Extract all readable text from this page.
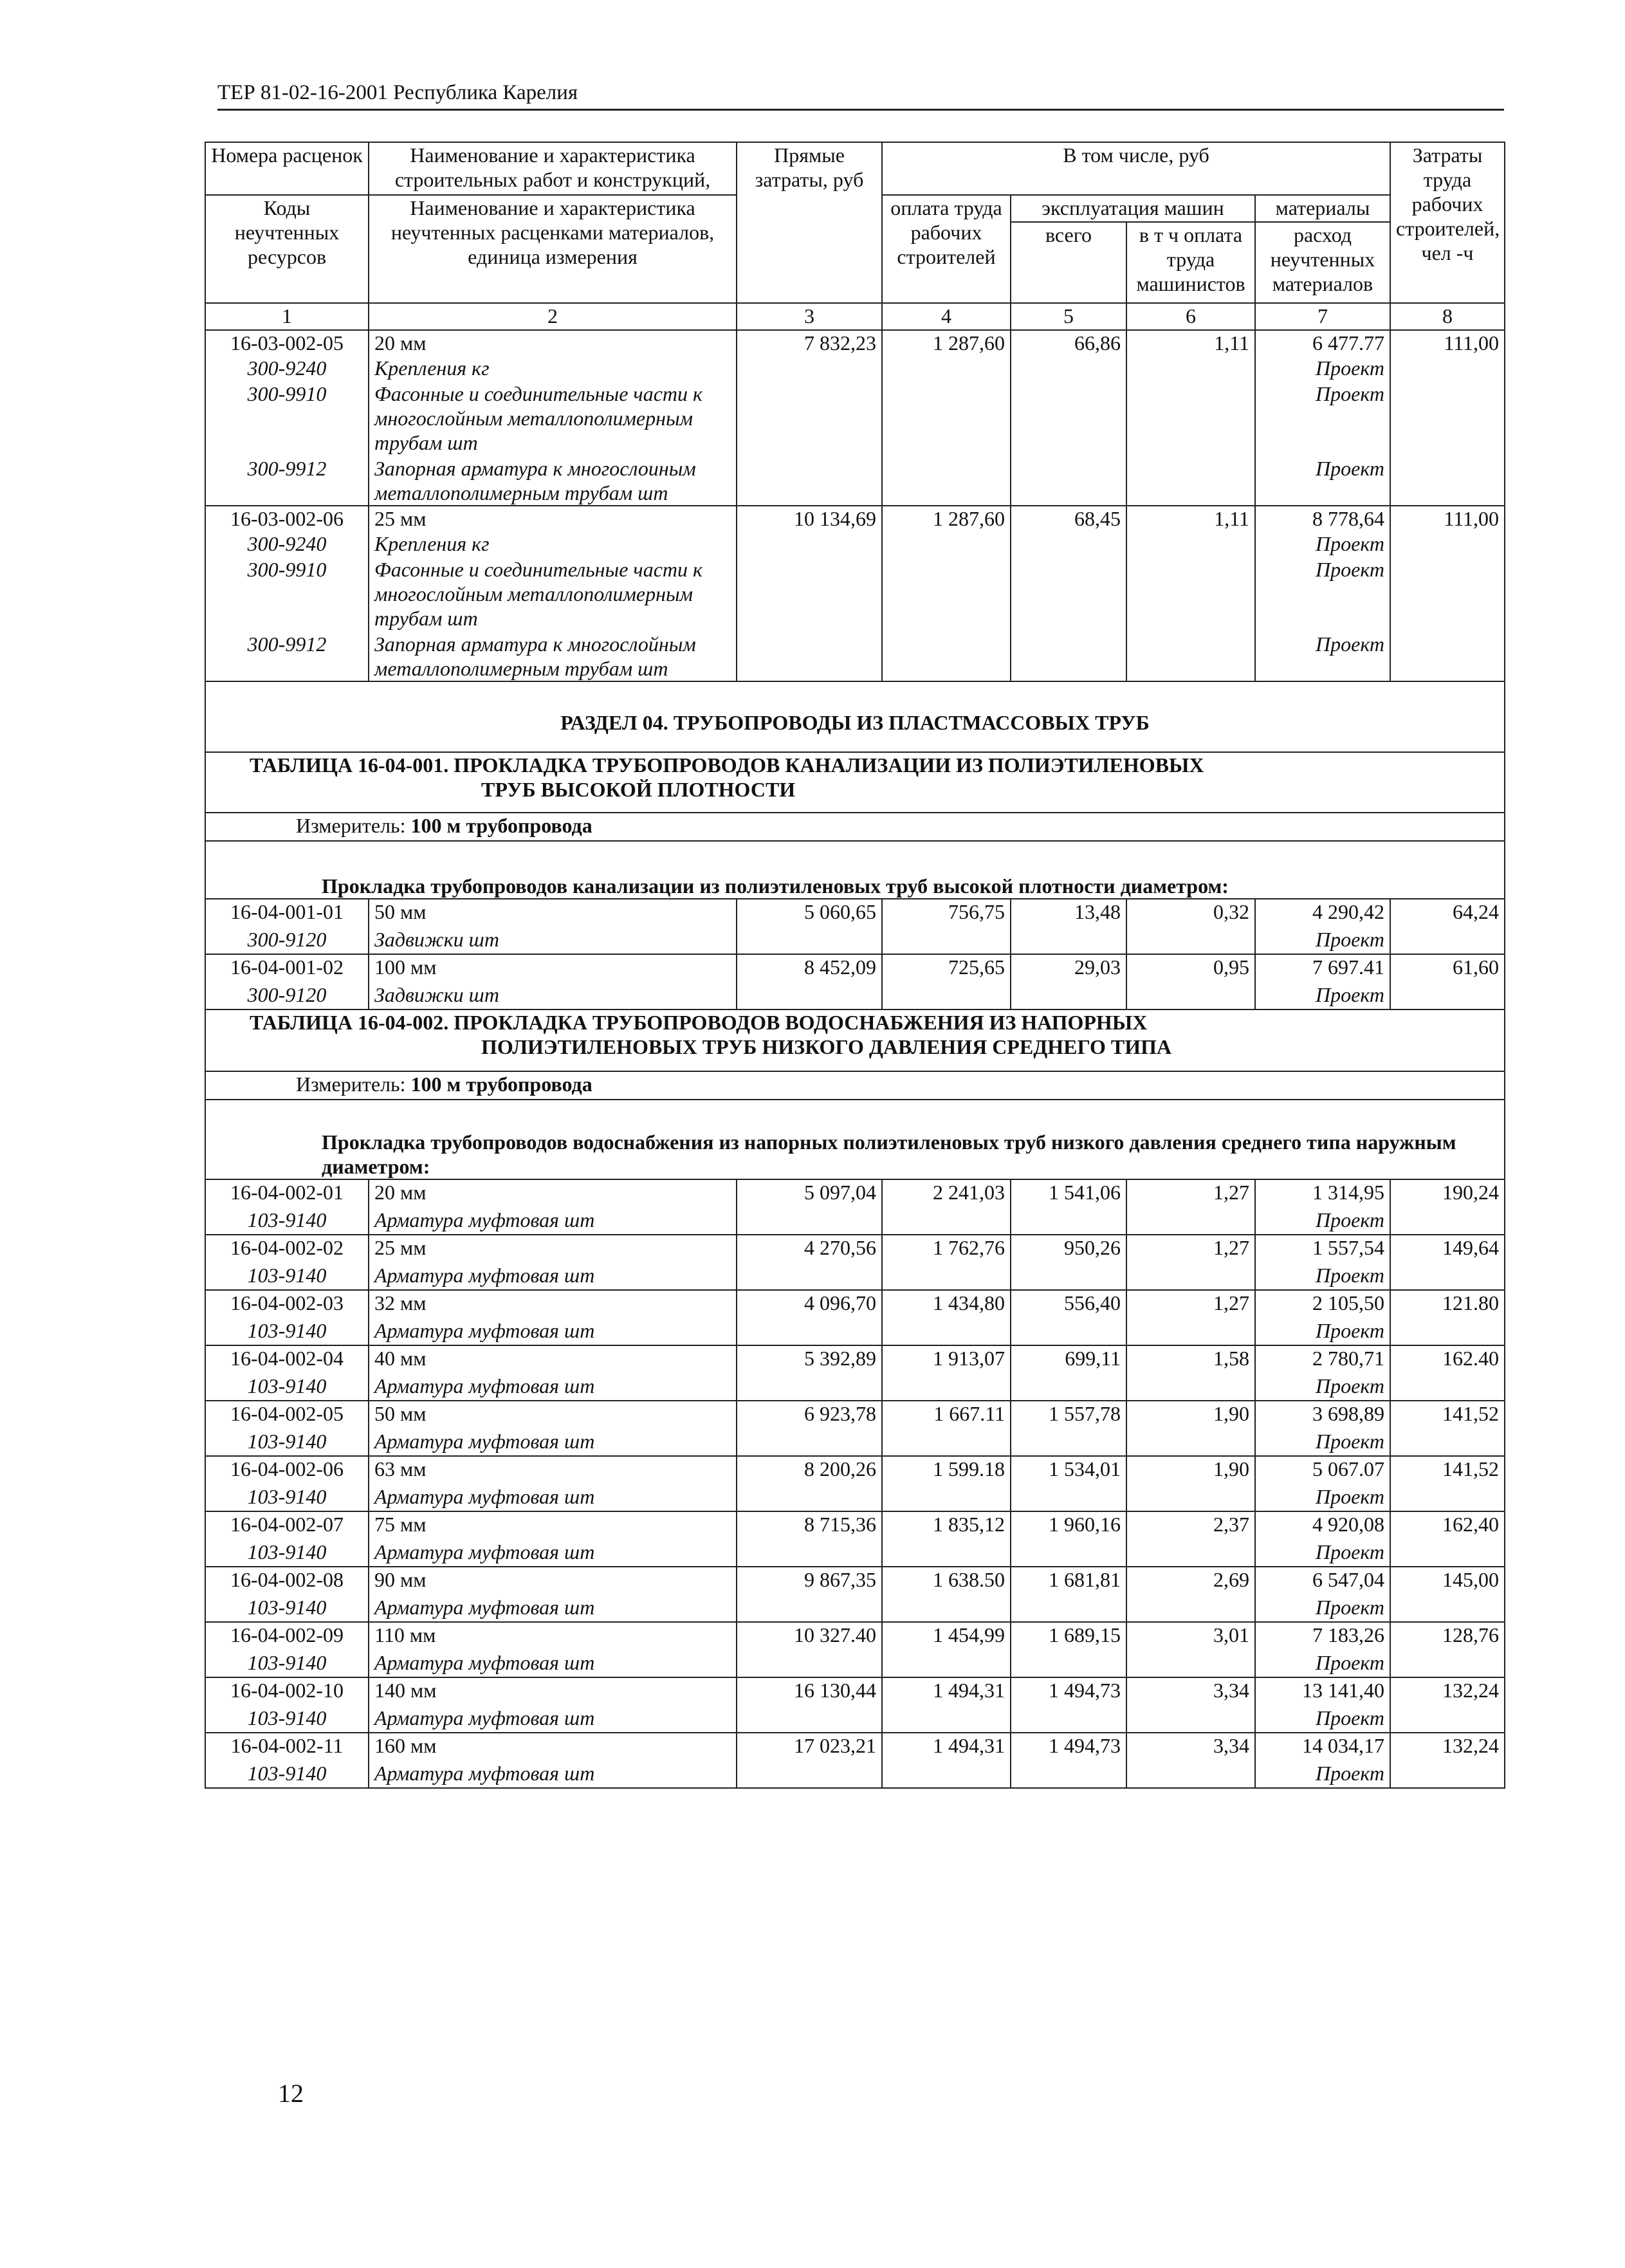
ТЕР 81-02-16-2001 Республика Карелия
Номера расценок	Наименование и характеристика строительных работ и конструкций,	Прямые затраты, руб	В том числе, руб				Затраты труда рабочих строителей, чел -ч
Коды неучтенных ресурсов	Наименование и характеристика неучтенных расценками материалов, единица измерения		оплата труда рабочих строителей	эксплуатация машин		материалы	
				всего	в т ч оплата труда машинистов	расход неучтенных материалов	
1	2	3	4	5	6	7	8
16-03-002-05	20 мм	7 832,23	1 287,60	66,86	1,11	6 477.77	111,00
300-9240	Крепления кг					Проект	
300-9910	Фасонные и соединительные части к многослойным металлополимерным трубам шт					Проект	
300-9912	Запорная арматура к многослоиным металлополимерным трубам шт					Проект	
16-03-002-06	25 мм	10 134,69	1 287,60	68,45	1,11	8 778,64	111,00
300-9240	Крепления кг					Проект	
300-9910	Фасонные и соединительные части к многослойным металлополимерным трубам шт					Проект	
300-9912	Запорная арматура к многослойным металлополимерным трубам шт					Проект	
РАЗДЕЛ 04. ТРУБОПРОВОДЫ ИЗ ПЛАСТМАССОВЫХ ТРУБ							

ТАБЛИЦА 16-04-001. ПРОКЛАДКА ТРУБОПРОВОДОВ КАНАЛИЗАЦИИ ИЗ ПОЛИЭТИЛЕНОВЫХ
ТРУБ ВЫСОКОЙ ПЛОТНОСТИ							

Измеритель: 100 м трубопровода							
Прокладка трубопроводов канализации из полиэтиленовых труб высокой плотности диаметром:							
16-04-001-01	50 мм	5 060,65	756,75	13,48	0,32	4 290,42	64,24
300-9120	Задвижки шт					Проект	
16-04-001-02	100 мм	8 452,09	725,65	29,03	0,95	7 697.41	61,60
300-9120	Задвижки шт					Проект	

ТАБЛИЦА 16-04-002. ПРОКЛАДКА ТРУБОПРОВОДОВ ВОДОСНАБЖЕНИЯ ИЗ НАПОРНЫХ
ПОЛИЭТИЛЕНОВЫХ ТРУБ НИЗКОГО ДАВЛЕНИЯ СРЕДНЕГО ТИПА							

Измеритель: 100 м трубопровода							
Прокладка трубопроводов водоснабжения из напорных полиэтиленовых труб низкого давления среднего типа наружным диаметром:							
16-04-002-01	20 мм	5 097,04	2 241,03	1 541,06	1,27	1 314,95	190,24
103-9140	Арматура муфтовая шт					Проект	
16-04-002-02	25 мм	4 270,56	1 762,76	950,26	1,27	1 557,54	149,64
103-9140	Арматура муфтовая шт					Проект	
16-04-002-03	32 мм	4 096,70	1 434,80	556,40	1,27	2 105,50	121.80
103-9140	Арматура муфтовая шт					Проект	
16-04-002-04	40 мм	5 392,89	1 913,07	699,11	1,58	2 780,71	162.40
103-9140	Арматура муфтовая шт					Проект	
16-04-002-05	50 мм	6 923,78	1 667.11	1 557,78	1,90	3 698,89	141,52
103-9140	Арматура муфтовая шт					Проект	
16-04-002-06	63 мм	8 200,26	1 599.18	1 534,01	1,90	5 067.07	141,52
103-9140	Арматура муфтовая шт					Проект	
16-04-002-07	75 мм	8 715,36	1 835,12	1 960,16	2,37	4 920,08	162,40
103-9140	Арматура муфтовая шт					Проект	
16-04-002-08	90 мм	9 867,35	1 638.50	1 681,81	2,69	6 547,04	145,00
103-9140	Арматура муфтовая шт					Проект	
16-04-002-09	110 мм	10 327.40	1 454,99	1 689,15	3,01	7 183,26	128,76
103-9140	Арматура муфтовая шт					Проект	
16-04-002-10	140 мм	16 130,44	1 494,31	1 494,73	3,34	13 141,40	132,24
103-9140	Арматура муфтовая шт					Проект	
16-04-002-11	160 мм	17 023,21	1 494,31	1 494,73	3,34	14 034,17	132,24
103-9140	Арматура муфтовая шт					Проект	
12
